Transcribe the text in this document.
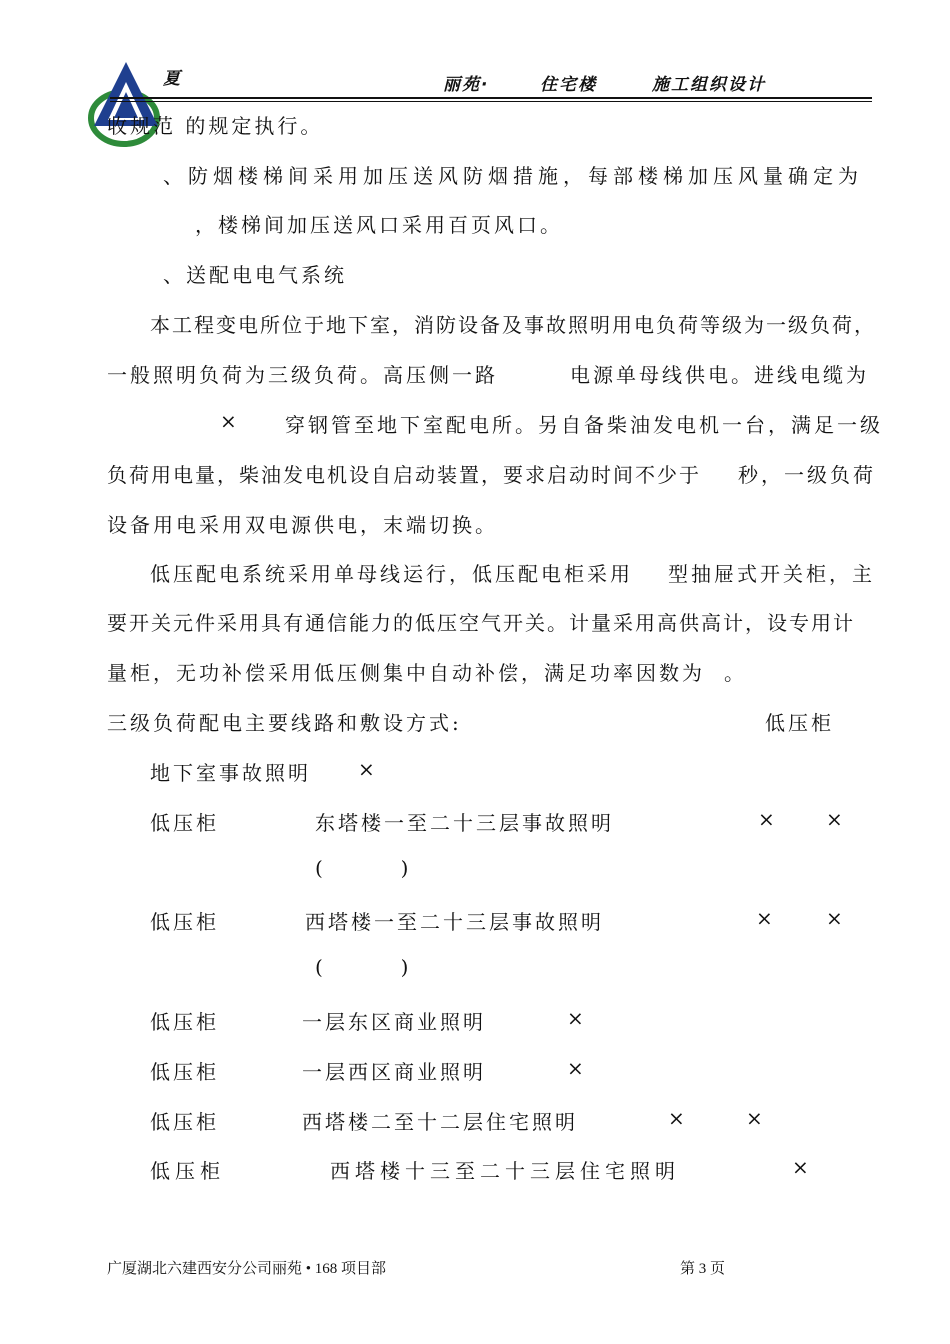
夏	丽苑·	住宅楼	施工组织设计
收规范 的规定执行。
、防烟楼梯间采用加压送风防烟措施，每部楼梯加压风量确定为
，楼梯间加压送风口采用百页风口。
、送配电电气系统
本工程变电所位于地下室，消防设备及事故照明用电负荷等级为一级负荷，
一般照明负荷为三级负荷。高压侧一路	电源单母线供电。进线电缆为
× 穿钢管至地下室配电所。另自备柴油发电机一台，满足一级
负荷用电量，柴油发电机设自启动装置，要求启动时间不少于 秒，一级负荷
设备用电采用双电源供电，末端切换。
低压配电系统采用单母线运行，低压配电柜采用 型抽屉式开关柜，主
要开关元件采用具有通信能力的低压空气开关。计量采用高供高计，设专用计
量柜，无功补偿采用低压侧集中自动补偿，满足功率因数为 。
三级负荷配电主要线路和敷设方式:	低压柜
地下室事故照明 ×
低压柜	东塔楼一至二十三层事故照明	× ×
(        )
低压柜	西塔楼一至二十三层事故照明	×	×
(        )
低压柜	一层东区商业照明	×
低压柜	一层西区商业照明	×
低压柜	西塔楼二至十二层住宅照明	×	×
低压柜	西塔楼十三至二十三层住宅照明	×
广厦湖北六建西安分公司丽苑 • 168 项目部	第 3 页
